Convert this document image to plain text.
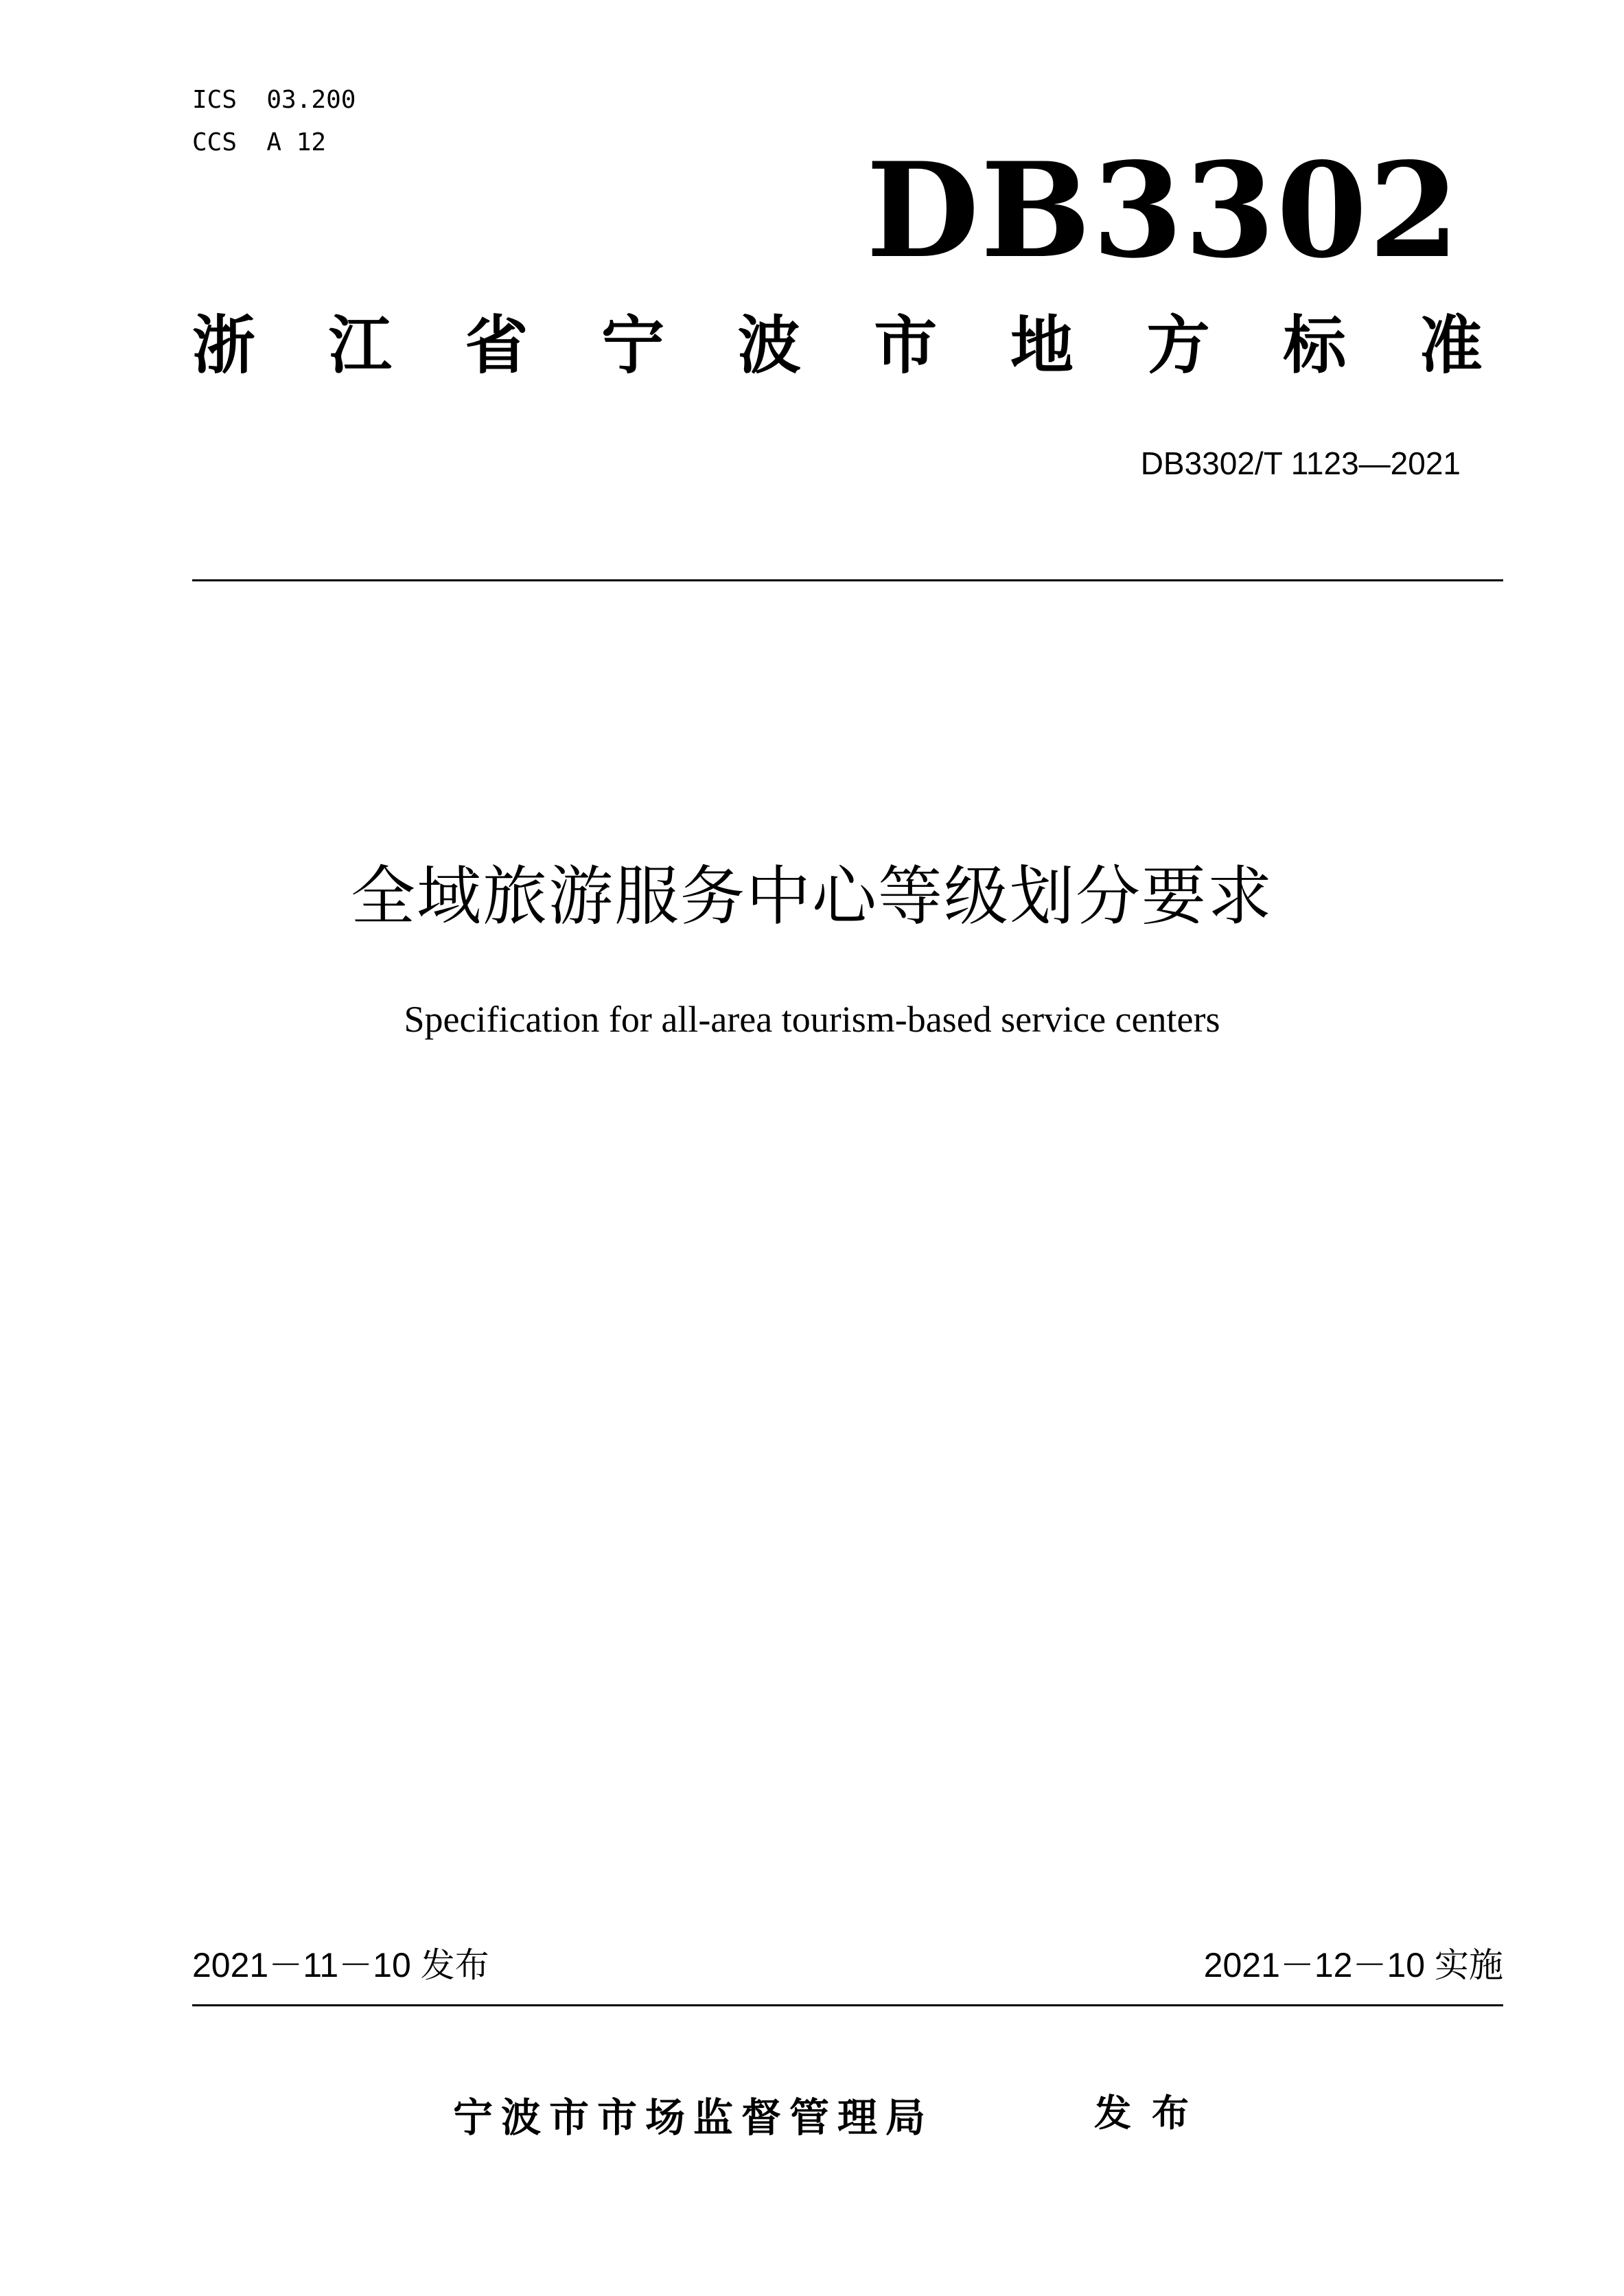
ICS  03.200
CCS  A 12	DB3302
浙 江 省 宁 波 市 地 方 标 准
DB3302/T 1123—2021
全域旅游服务中心等级划分要求
Specification for all-area tourism-based service centers
2021－11－10 发布	2021－12－10 实施
宁波市市场监督管理局	发布
